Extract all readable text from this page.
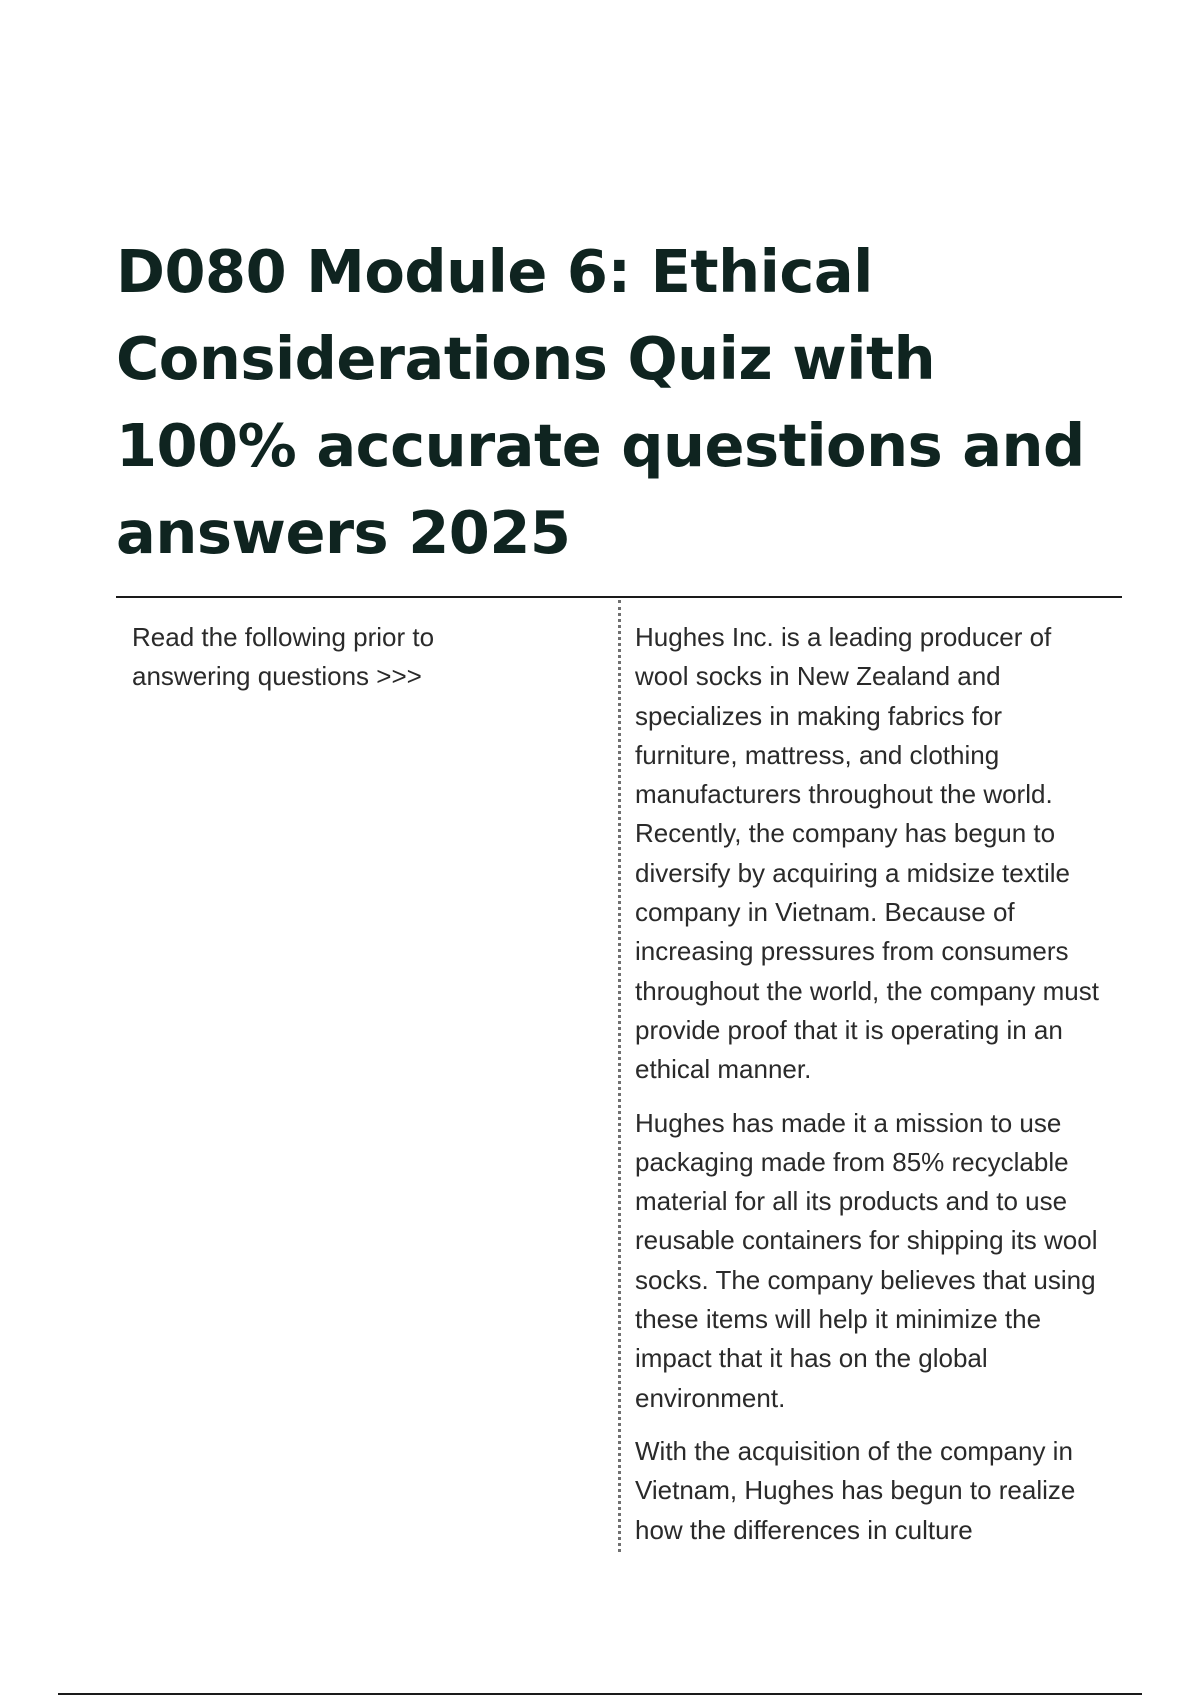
D080 Module 6: Ethical Considerations Quiz with 100% accurate questions and answers 2025
Read the following prior to answering questions >>>

Hughes Inc. is a leading producer of wool socks in New Zealand and specializes in making fabrics for furniture, mattress, and clothing manufacturers throughout the world. Recently, the company has begun to diversify by acquiring a midsize textile company in Vietnam. Because of increasing pressures from consumers throughout the world, the company must provide proof that it is operating in an ethical manner.

Hughes has made it a mission to use packaging made from 85% recyclable material for all its products and to use reusable containers for shipping its wool socks. The company believes that using these items will help it minimize the impact that it has on the global environment.

With the acquisition of the company in Vietnam, Hughes has begun to realize how the differences in culture
